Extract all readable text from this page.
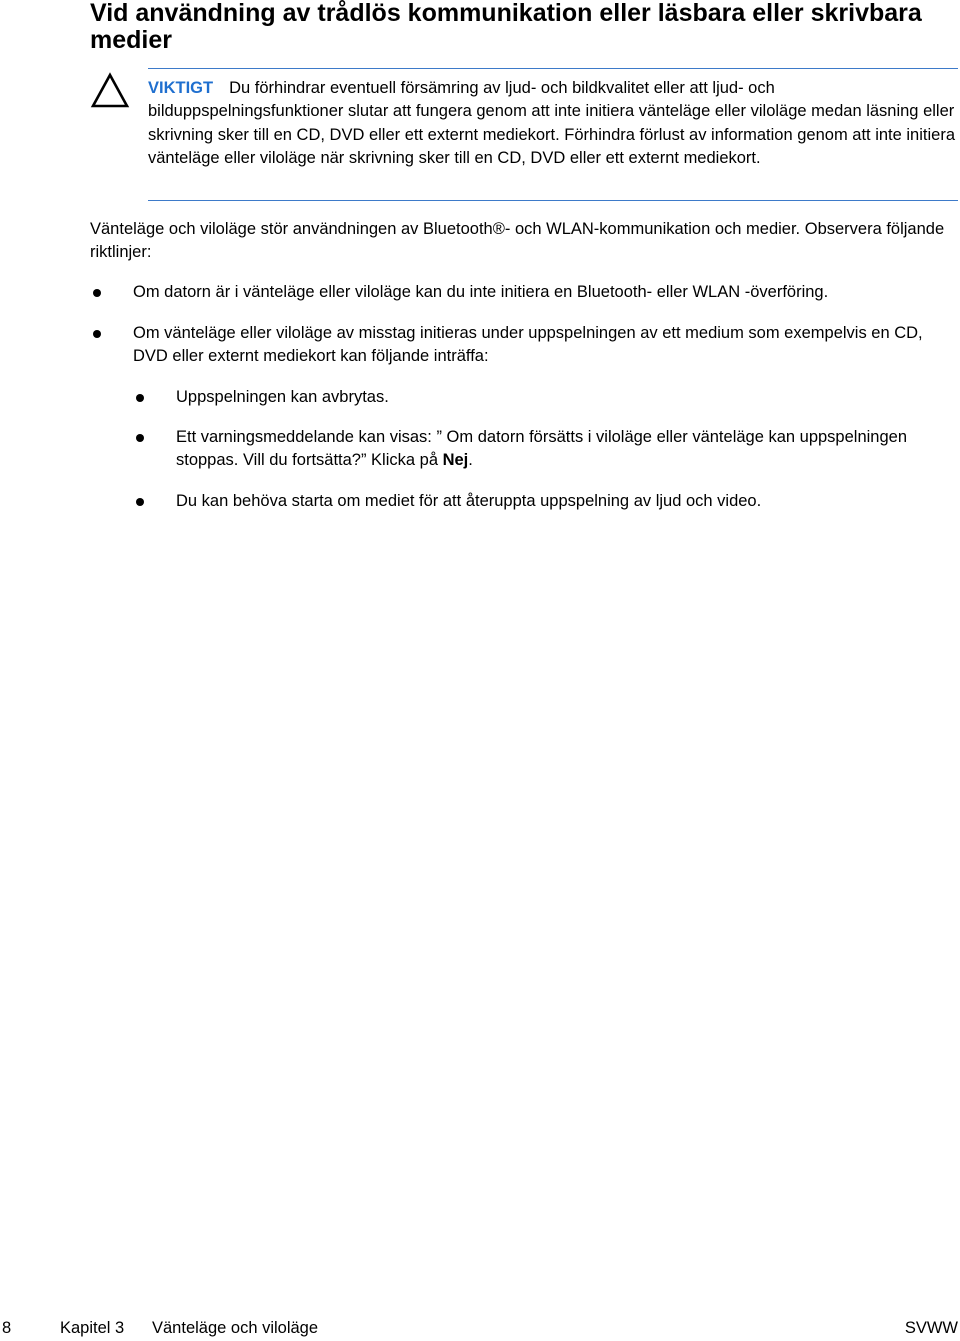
Vid användning av trådlös kommunikation eller läsbara eller skrivbara medier
VIKTIGT Du förhindrar eventuell försämring av ljud- och bildkvalitet eller att ljud- och bilduppspelningsfunktioner slutar att fungera genom att inte initiera vänteläge eller viloläge medan läsning eller skrivning sker till en CD, DVD eller ett externt mediekort. Förhindra förlust av information genom att inte initiera vänteläge eller viloläge när skrivning sker till en CD, DVD eller ett externt mediekort.

Vänteläge och viloläge stör användningen av Bluetooth®- och WLAN-kommunikation och medier. Observera följande riktlinjer:

Om datorn är i vänteläge eller viloläge kan du inte initiera en Bluetooth- eller WLAN -överföring.

Om vänteläge eller viloläge av misstag initieras under uppspelningen av ett medium som exempelvis en CD, DVD eller externt mediekort kan följande inträffa:

Uppspelningen kan avbrytas.

Ett varningsmeddelande kan visas: ” Om datorn försätts i viloläge eller vänteläge kan uppspelningen stoppas. Vill du fortsätta?” Klicka på Nej.

Du kan behöva starta om mediet för att återuppta uppspelning av ljud och video.

8	Kapitel 3 Vänteläge och viloläge	SVWW
